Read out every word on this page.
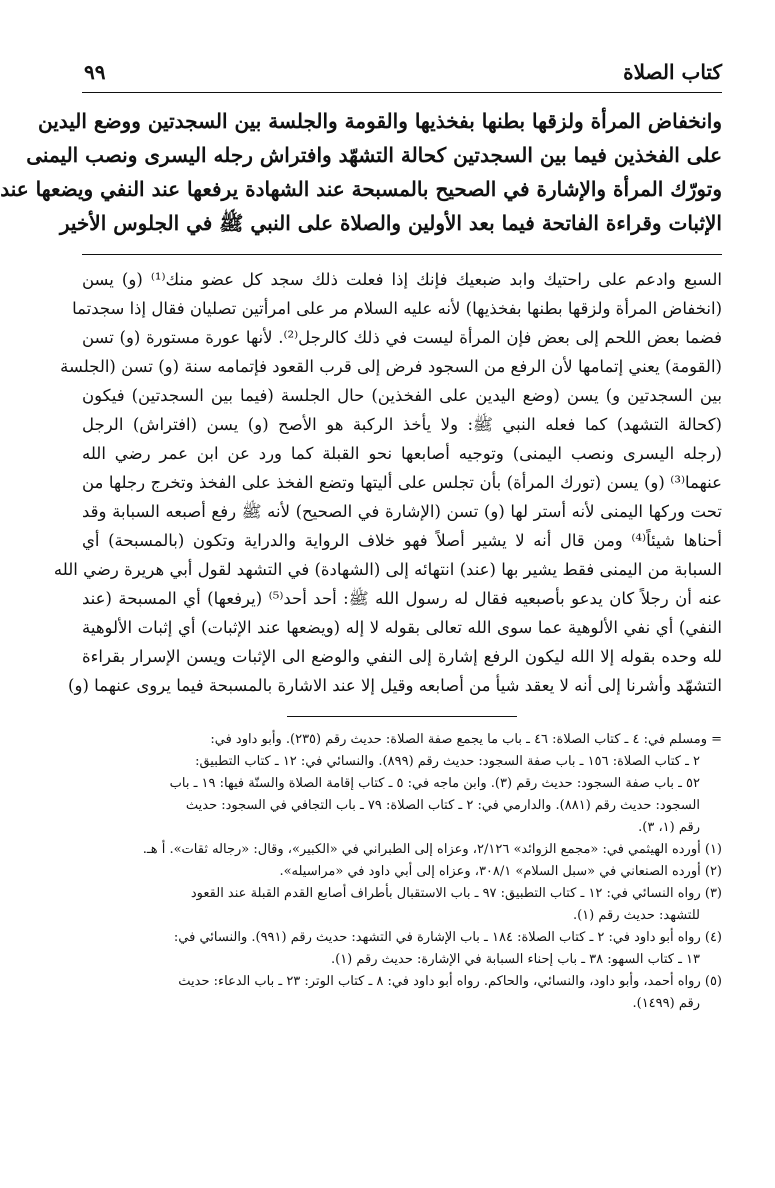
كتاب الصلاة
٩٩
وانخفاض المرأة ولزقها بطنها بفخذيها والقومة والجلسة بين السجدتين ووضع اليدين
على الفخذين فيما بين السجدتين كحالة التشهّد وافتراش رجله اليسرى ونصب اليمنى
وتورّك المرأة والإشارة في الصحيح بالمسبحة عند الشهادة يرفعها عند النفي ويضعها عند
الإثبات وقراءة الفاتحة فيما بعد الأولين والصلاة على النبي ﷺ في الجلوس الأخير
السبع وادعم على راحتيك وابد ضبعيك فإنك إذا فعلت ذلك سجد كل عضو منك⁽¹⁾ (و) يسن
(انخفاض المرأة ولزقها بطنها بفخذيها) لأنه عليه السلام مر على امرأتين تصليان فقال إذا سجدتما
فضما بعض اللحم إلى بعض فإن المرأة ليست في ذلك كالرجل⁽²⁾. لأنها عورة مستورة (و) تسن
(القومة) يعني إتمامها لأن الرفع من السجود فرض إلى قرب القعود فإتمامه سنة (و) تسن (الجلسة
بين السجدتين و) يسن (وضع اليدين على الفخذين) حال الجلسة (فيما بين السجدتين) فيكون
(كحالة التشهد) كما فعله النبي ﷺ: ولا يأخذ الركبة هو الأصح (و) يسن (افتراش) الرجل
(رجله اليسرى ونصب اليمنى) وتوجيه أصابعها نحو القبلة كما ورد عن ابن عمر رضي الله
عنهما⁽³⁾ (و) يسن (تورك المرأة) بأن تجلس على أليتها وتضع الفخذ على الفخذ وتخرج رجلها من
تحت وركها اليمنى لأنه أستر لها (و) تسن (الإشارة في الصحيح) لأنه ﷺ رفع أصبعه السبابة وقد
أحناها شيئاً⁽⁴⁾ ومن قال أنه لا يشير أصلاً فهو خلاف الرواية والدراية وتكون (بالمسبحة) أي
السبابة من اليمنى فقط يشير بها (عند) انتهائه إلى (الشهادة) في التشهد لقول أبي هريرة رضي الله
عنه أن رجلاً كان يدعو بأصبعيه فقال له رسول الله ﷺ: أحد أحد⁽⁵⁾ (يرفعها) أي المسبحة (عند
النفي) أي نفي الألوهية عما سوى الله تعالى بقوله لا إله (ويضعها عند الإثبات) أي إثبات الألوهية
لله وحده بقوله إلا الله ليكون الرفع إشارة إلى النفي والوضع الى الإثبات ويسن الإسرار بقراءة
التشهّد وأشرنا إلى أنه لا يعقد شيأ من أصابعه وقيل إلا عند الاشارة بالمسبحة فيما يروى عنهما (و)
= ومسلم في: ٤ ـ كتاب الصلاة: ٤٦ ـ باب ما يجمع صفة الصلاة: حديث رقم (٢٣٥). وأبو داود في:
٢ ـ كتاب الصلاة: ١٥٦ ـ باب صفة السجود: حديث رقم (٨٩٩). والنسائي في: ١٢ ـ كتاب التطبيق:
٥٢ ـ باب صفة السجود: حديث رقم (٣). وابن ماجه في: ٥ ـ كتاب إقامة الصلاة والسنّة فيها: ١٩ ـ باب
السجود: حديث رقم (٨٨١). والدارمي في: ٢ ـ كتاب الصلاة: ٧٩ ـ باب التجافي في السجود: حديث
رقم (١، ٣).
(١) أورده الهيثمي في: «مجمع الزوائد» ٢/١٢٦، وعزاه إلى الطبراني في «الكبير»، وقال: «رجاله ثقات». أ هـ.
(٢) أورده الصنعاني في «سبل السلام» ٣٠٨/١، وعزاه إلى أبي داود في «مراسيله».
(٣) رواه النسائي في: ١٢ ـ كتاب التطبيق: ٩٧ ـ باب الاستقبال بأطراف أصابع القدم القبلة عند القعود
للتشهد: حديث رقم (١).
(٤) رواه أبو داود في: ٢ ـ كتاب الصلاة: ١٨٤ ـ باب الإشارة في التشهد: حديث رقم (٩٩١). والنسائي في:
١٣ ـ كتاب السهو: ٣٨ ـ باب إحناء السبابة في الإشارة: حديث رقم (١).
(٥) رواه أحمد، وأبو داود، والنسائي، والحاكم. رواه أبو داود في: ٨ ـ كتاب الوتر: ٢٣ ـ باب الدعاء: حديث
رقم (١٤٩٩).
